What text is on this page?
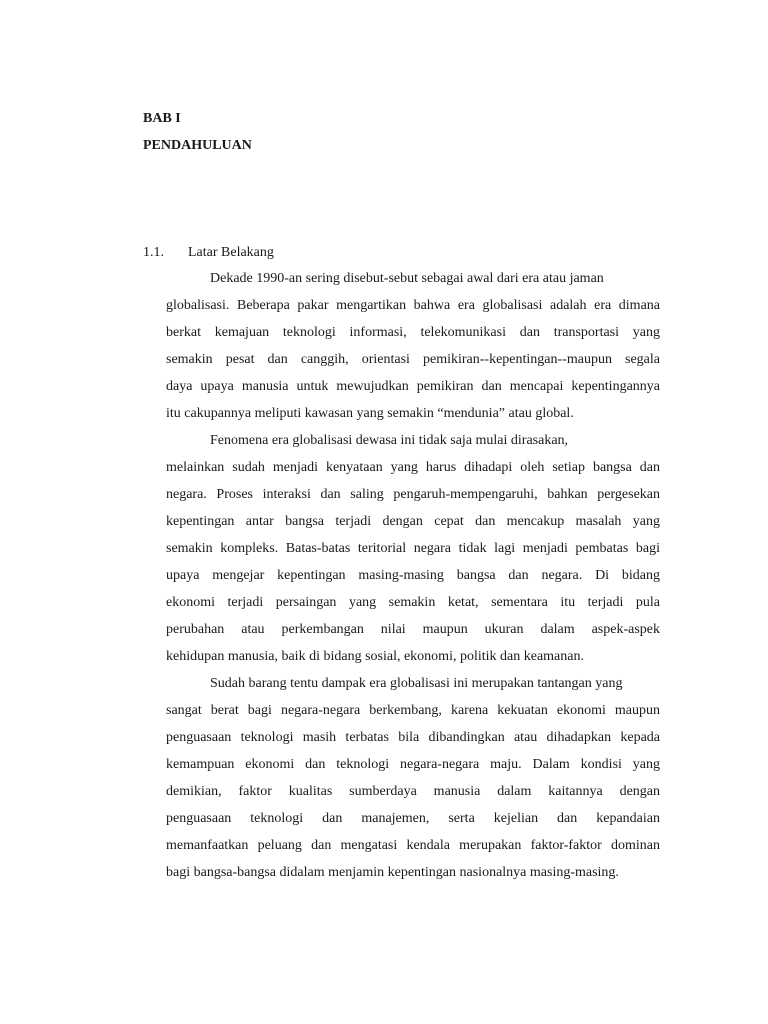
BAB I

PENDAHULUAN

1.1. Latar Belakang
Dekade 1990-an sering disebut-sebut sebagai awal dari era atau jaman
globalisasi. Beberapa pakar mengartikan bahwa era globalisasi adalah era dimana
berkat kemajuan teknologi informasi, telekomunikasi dan transportasi yang
semakin pesat dan canggih, orientasi pemikiran--kepentingan--maupun segala
daya upaya manusia untuk mewujudkan pemikiran dan mencapai kepentingannya
itu cakupannya meliputi kawasan yang semakin “mendunia” atau global.
Fenomena era globalisasi dewasa ini tidak saja mulai dirasakan,
melainkan sudah menjadi kenyataan yang harus dihadapi oleh setiap bangsa dan
negara. Proses interaksi dan saling pengaruh-mempengaruhi, bahkan pergesekan
kepentingan antar bangsa terjadi dengan cepat dan mencakup masalah yang
semakin kompleks. Batas-batas teritorial negara tidak lagi menjadi pembatas bagi
upaya mengejar kepentingan masing-masing bangsa dan negara. Di bidang
ekonomi terjadi persaingan yang semakin ketat, sementara itu terjadi pula
perubahan atau perkembangan nilai maupun ukuran dalam aspek-aspek
kehidupan manusia, baik di bidang sosial, ekonomi, politik dan keamanan.
Sudah barang tentu dampak era globalisasi ini merupakan tantangan yang
sangat berat bagi negara-negara berkembang, karena kekuatan ekonomi maupun
penguasaan teknologi masih terbatas bila dibandingkan atau dihadapkan kepada
kemampuan ekonomi dan teknologi negara-negara maju. Dalam kondisi yang
demikian, faktor kualitas sumberdaya manusia dalam kaitannya dengan
penguasaan teknologi dan manajemen, serta kejelian dan kepandaian
memanfaatkan peluang dan mengatasi kendala merupakan faktor-faktor dominan
bagi bangsa-bangsa didalam menjamin kepentingan nasionalnya masing-masing.
